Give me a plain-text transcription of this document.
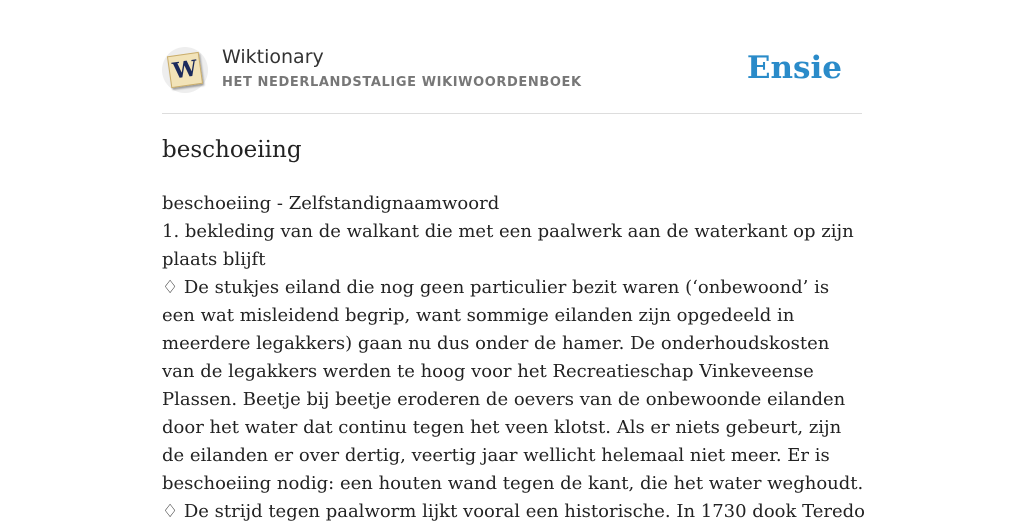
W Wiktionary
HET NEDERLANDSTALIGE WIKIWOORDENBOEK	Ensie
beschoeiing
beschoeiing - Zelfstandignaamwoord
1. bekleding van de walkant die met een paalwerk aan de waterkant op zijn plaats blijft
♢ De stukjes eiland die nog geen particulier bezit waren (‘onbewoond’ is een wat misleidend begrip, want sommige eilanden zijn opgedeeld in meerdere legakkers) gaan nu dus onder de hamer. De onderhoudskosten van de legakkers werden te hoog voor het Recreatieschap Vinkeveense Plassen. Beetje bij beetje eroderen de oevers van de onbewoonde eilanden door het water dat continu tegen het veen klotst. Als er niets gebeurt, zijn de eilanden er over dertig, veertig jaar wellicht helemaal niet meer. Er is beschoeiing nodig: een houten wand tegen de kant, die het water weghoudt.
♢ De strijd tegen paalworm lijkt vooral een historische. In 1730 dook Teredo
